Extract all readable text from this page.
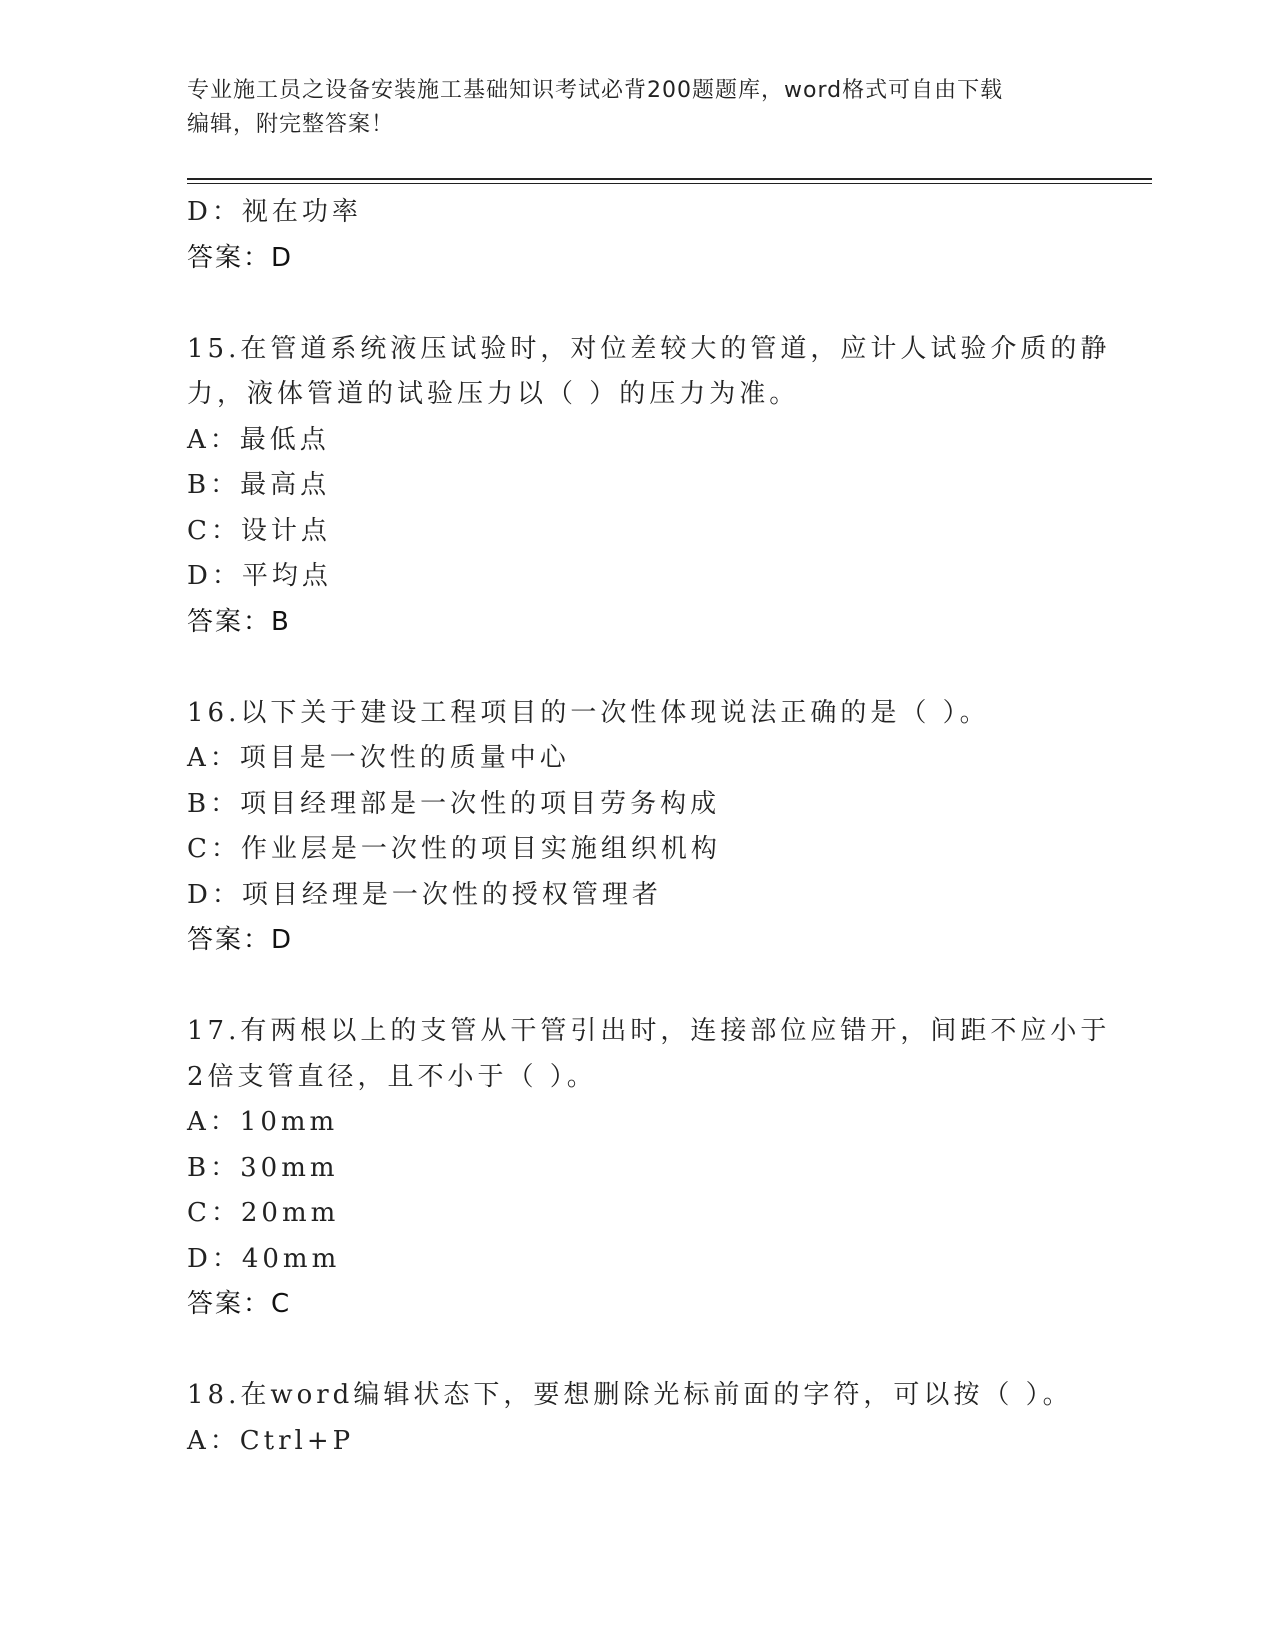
专业施工员之设备安装施工基础知识考试必背200题题库，word格式可自由下载
编辑，附完整答案！
D：视在功率
答案：D
15.在管道系统液压试验时，对位差较大的管道，应计人试验介质的静
力，液体管道的试验压力以（ ）的压力为准。
A：最低点
B：最高点
C：设计点
D：平均点
答案：B
16.以下关于建设工程项目的一次性体现说法正确的是（ ）。
A：项目是一次性的质量中心
B：项目经理部是一次性的项目劳务构成
C：作业层是一次性的项目实施组织机构
D：项目经理是一次性的授权管理者
答案：D
17.有两根以上的支管从干管引出时，连接部位应错开，间距不应小于
2倍支管直径，且不小于（ ）。
A：10mm
B：30mm
C：20mm
D：40mm
答案：C
18.在word编辑状态下，要想删除光标前面的字符，可以按（ ）。
A：Ctrl+P
